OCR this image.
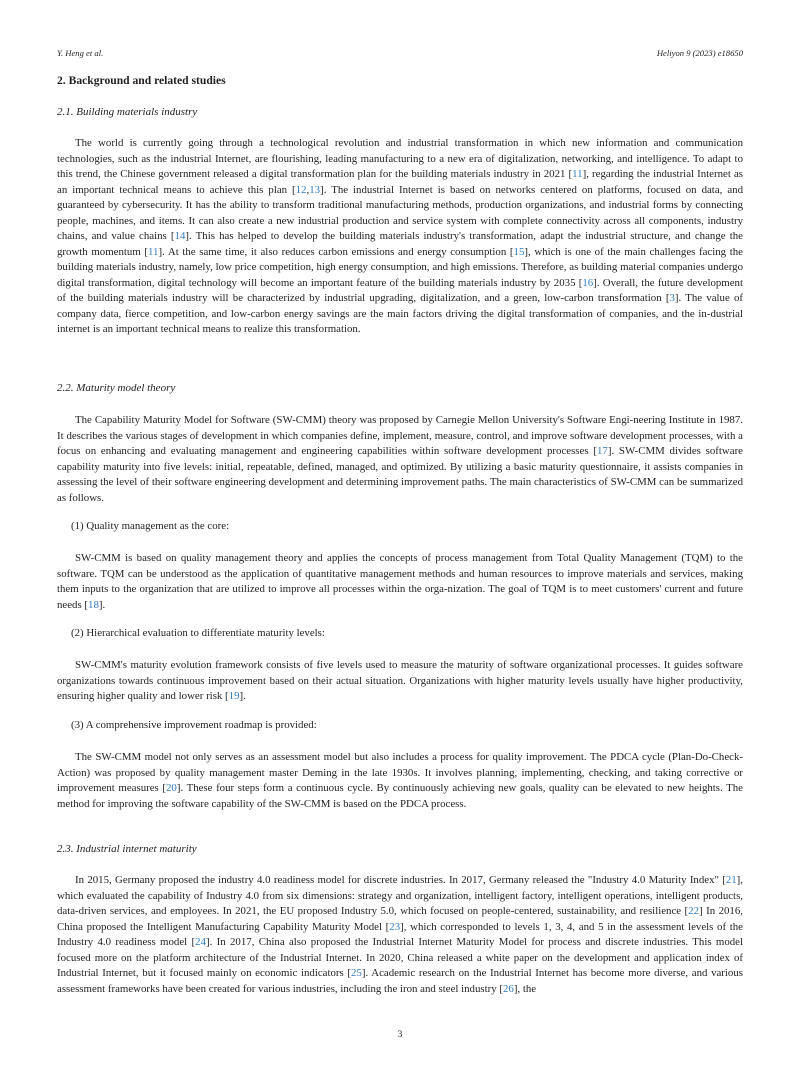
Y. Heng et al.	Heliyon 9 (2023) e18650
2. Background and related studies
2.1. Building materials industry

The world is currently going through a technological revolution and industrial transformation in which new information and communication technologies, such as the industrial Internet, are flourishing, leading manufacturing to a new era of digitalization, networking, and intelligence. To adapt to this trend, the Chinese government released a digital transformation plan for the building materials industry in 2021 [11], regarding the industrial Internet as an important technical means to achieve this plan [12,13]. The industrial Internet is based on networks centered on platforms, focused on data, and guaranteed by cybersecurity. It has the ability to transform traditional manufacturing methods, production organizations, and industrial forms by connecting people, machines, and items. It can also create a new industrial production and service system with complete connectivity across all components, industry chains, and value chains [14]. This has helped to develop the building materials industry's transformation, adapt the industrial structure, and change the growth momentum [11]. At the same time, it also reduces carbon emissions and energy consumption [15], which is one of the main challenges facing the building materials industry, namely, low price competition, high energy consumption, and high emissions. Therefore, as building material companies undergo digital transformation, digital technology will become an important feature of the building materials industry by 2035 [16]. Overall, the future development of the building materials industry will be characterized by industrial upgrading, digitalization, and a green, low-carbon transformation [3]. The value of company data, fierce competition, and low-carbon energy savings are the main factors driving the digital transformation of companies, and the in-dustrial internet is an important technical means to realize this transformation.

2.2. Maturity model theory

The Capability Maturity Model for Software (SW-CMM) theory was proposed by Carnegie Mellon University's Software Engi-neering Institute in 1987. It describes the various stages of development in which companies define, implement, measure, control, and improve software development processes, with a focus on enhancing and evaluating management and engineering capabilities within software development processes [17]. SW-CMM divides software capability maturity into five levels: initial, repeatable, defined, managed, and optimized. By utilizing a basic maturity questionnaire, it assists companies in assessing the level of their software engineering development and determining improvement paths. The main characteristics of SW-CMM can be summarized as follows.

(1) Quality management as the core:

SW-CMM is based on quality management theory and applies the concepts of process management from Total Quality Management (TQM) to the software. TQM can be understood as the application of quantitative management methods and human resources to improve materials and services, making them inputs to the organization that are utilized to improve all processes within the orga-nization. The goal of TQM is to meet customers' current and future needs [18].

(2) Hierarchical evaluation to differentiate maturity levels:

SW-CMM's maturity evolution framework consists of five levels used to measure the maturity of software organizational processes. It guides software organizations towards continuous improvement based on their actual situation. Organizations with higher maturity levels usually have higher productivity, ensuring higher quality and lower risk [19].

(3) A comprehensive improvement roadmap is provided:

The SW-CMM model not only serves as an assessment model but also includes a process for quality improvement. The PDCA cycle (Plan-Do-Check-Action) was proposed by quality management master Deming in the late 1930s. It involves planning, implementing, checking, and taking corrective or improvement measures [20]. These four steps form a continuous cycle. By continuously achieving new goals, quality can be elevated to new heights. The method for improving the software capability of the SW-CMM is based on the PDCA process.

2.3. Industrial internet maturity

In 2015, Germany proposed the industry 4.0 readiness model for discrete industries. In 2017, Germany released the "Industry 4.0 Maturity Index" [21], which evaluated the capability of Industry 4.0 from six dimensions: strategy and organization, intelligent factory, intelligent operations, intelligent products, data-driven services, and employees. In 2021, the EU proposed Industry 5.0, which focused on people-centered, sustainability, and resilience [22] In 2016, China proposed the Intelligent Manufacturing Capability Maturity Model [23], which corresponded to levels 1, 3, 4, and 5 in the assessment levels of the Industry 4.0 readiness model [24]. In 2017, China also proposed the Industrial Internet Maturity Model for process and discrete industries. This model focused more on the platform architecture of the Industrial Internet. In 2020, China released a white paper on the development and application index of Industrial Internet, but it focused mainly on economic indicators [25]. Academic research on the Industrial Internet has become more diverse, and various assessment frameworks have been created for various industries, including the iron and steel industry [26], the

3
